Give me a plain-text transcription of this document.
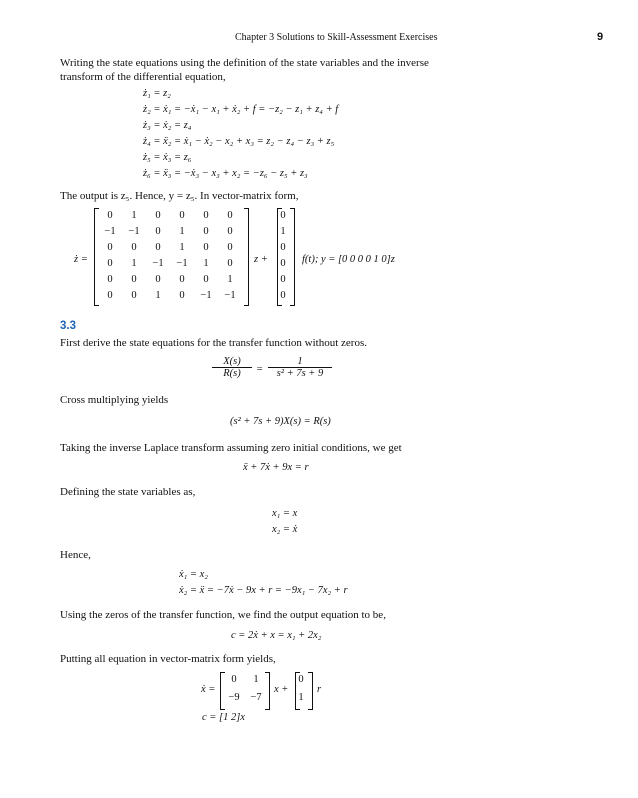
Chapter 3 Solutions to Skill-Assessment Exercises	9
Writing the state equations using the definition of the state variables and the inverse
transform of the differential equation,
ż₁ = z₂
ż₂ = ẋ₁ = −ẋ₁ − x₁ + ẋ₂ + f = −z₂ − z₁ + z₄ + f
ż₃ = ẋ₂ = z₄
ż₄ = ẍ₂ = ẋ₁ − ẋ₂ − x₂ + x₃ = z₂ − z₄ − z₃ + z₅
ż₅ = ẋ₃ = z₆
ż₆ = ẍ₃ = −ẋ₃ − x₃ + x₂ = −z₆ − z₅ + z₃
The output is z₅. Hence, y = z₅. In vector-matrix form,
ż =
0	1	0	0	0	0
−1	−1	0	1	0	0
0	0	0	1	0	0
0	1	−1	−1	1	0
0	0	0	0	0	1
0	0	1	0	−1	−1
z +
0
1
0
0
0
0
f(t); y = [0 0 0 0 1 0]z
3.3
First derive the state equations for the transfer function without zeros.
$\frac{X(s)}{R(s)} = \frac{1}{\text{s² + 7s + 9}}$
Cross multiplying yields
(s² + 7s + 9)X(s) = R(s)
Taking the inverse Laplace transform assuming zero initial conditions, we get
ẍ + 7ẋ + 9x = r
Defining the state variables as,
x₁ = x
x₂ = ẋ
Hence,
ẋ₁ = x₂
ẋ₂ = ẍ = −7ẋ − 9x + r = −9x₁ − 7x₂ + r
Using the zeros of the transfer function, we find the output equation to be,
c = 2ẋ + x = x₁ + 2x₂
Putting all equation in vector-matrix form yields,
ẋ =
0	1
−9	−7
x +
0
1
r
c = [1 2]x
